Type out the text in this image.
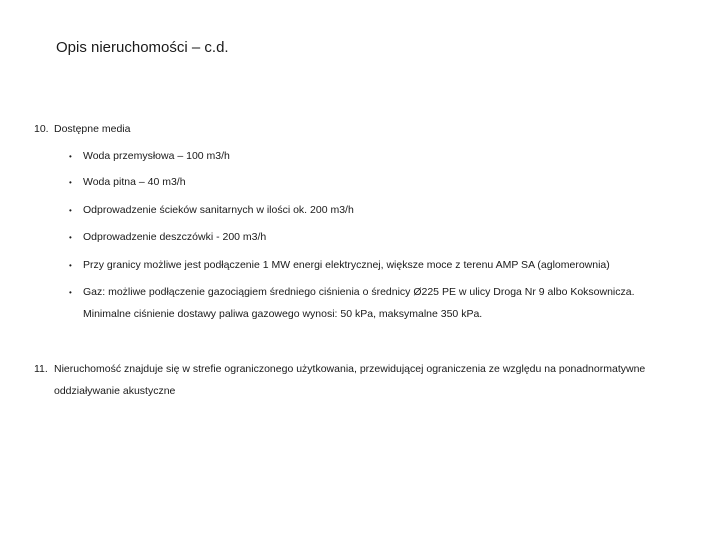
Opis nieruchomości – c.d.
10. Dostępne media
• Woda przemysłowa – 100 m3/h
• Woda pitna – 40 m3/h
• Odprowadzenie ścieków sanitarnych w ilości ok. 200 m3/h
• Odprowadzenie deszczówki - 200 m3/h
• Przy granicy możliwe jest podłączenie 1 MW energi elektrycznej, większe moce z terenu AMP SA (aglomerownia)
• Gaz: możliwe podłączenie gazociągiem średniego ciśnienia o średnicy Ø225 PE w ulicy Droga Nr 9 albo Koksownicza.
Minimalne ciśnienie dostawy paliwa gazowego wynosi: 50 kPa, maksymalne 350 kPa.
11. Nieruchomość znajduje się w strefie ograniczonego użytkowania, przewidującej ograniczenia ze względu na ponadnormatywne
oddziaływanie akustyczne
